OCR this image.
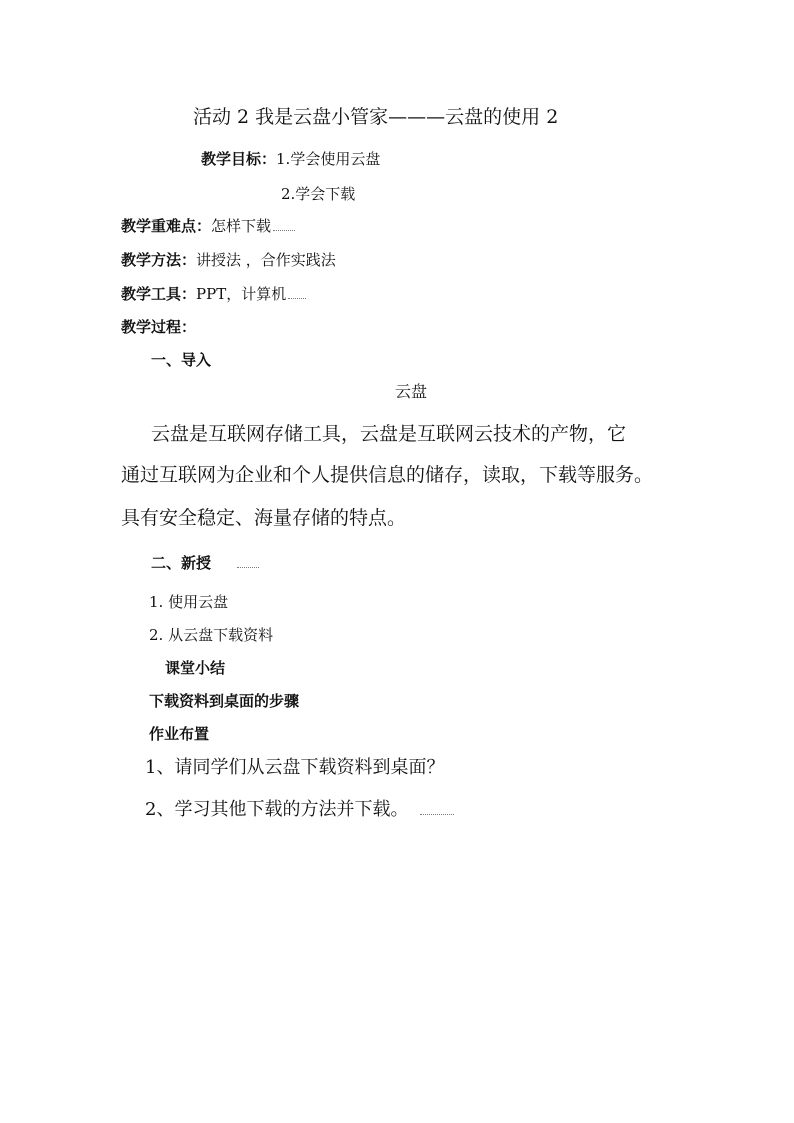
活动 2 我是云盘小管家———云盘的使用 2
教学目标：1.学会使用云盘
2.学会下载
教学重难点：怎样下载
教学方法：讲授法 ，合作实践法
教学工具：PPT，计算机
教学过程：
一、导入
云盘
云盘是互联网存储工具，云盘是互联网云技术的产物，它
通过互联网为企业和个人提供信息的储存，读取，下载等服务。
具有安全稳定、海量存储的特点。
二、新授
1. 使用云盘
2. 从云盘下载资料
课堂小结
下载资料到桌面的步骤
作业布置
1、请同学们从云盘下载资料到桌面？
2、学习其他下载的方法并下载。
